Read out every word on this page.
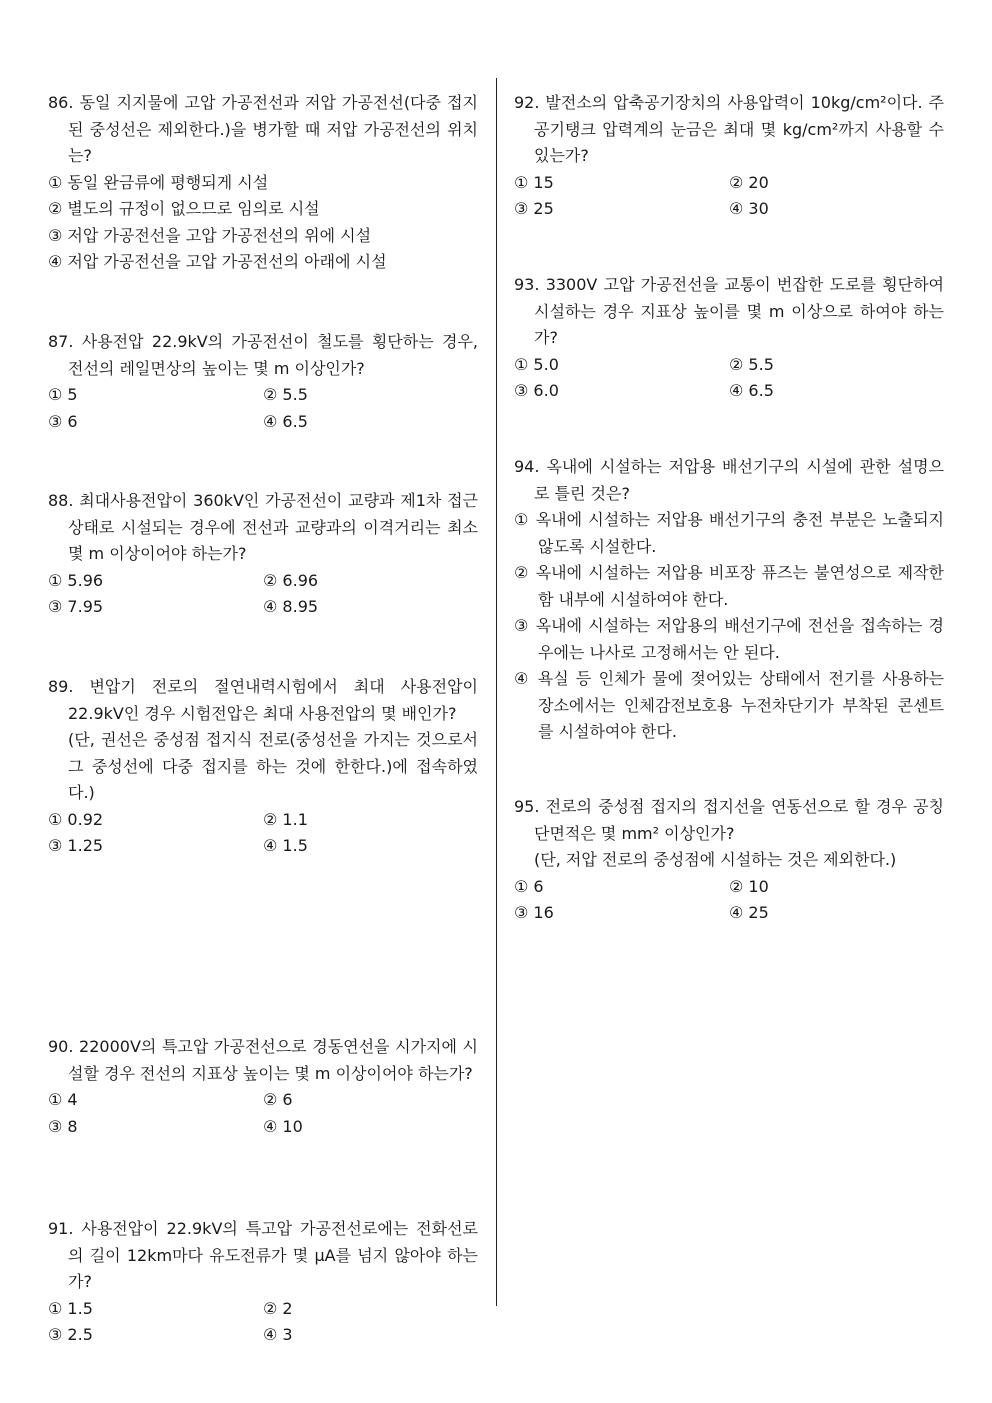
86. 동일 지지물에 고압 가공전선과 저압 가공전선(다중 접지된 중성선은 제외한다.)을 병가할 때 저압 가공전선의 위치는?
① 동일 완금류에 평행되게 시설
② 별도의 규정이 없으므로 임의로 시설
③ 저압 가공전선을 고압 가공전선의 위에 시설
④ 저압 가공전선을 고압 가공전선의 아래에 시설
87. 사용전압 22.9kV의 가공전선이 철도를 횡단하는 경우, 전선의 레일면상의 높이는 몇 m 이상인가?
① 5	② 5.5
③ 6	④ 6.5
88. 최대사용전압이 360kV인 가공전선이 교량과 제1차 접근상태로 시설되는 경우에 전선과 교량과의 이격거리는 최소 몇 m 이상이어야 하는가?
① 5.96	② 6.96
③ 7.95	④ 8.95
89. 변압기 전로의 절연내력시험에서 최대 사용전압이 22.9kV인 경우 시험전압은 최대 사용전압의 몇 배인가?
(단, 권선은 중성점 접지식 전로(중성선을 가지는 것으로서 그 중성선에 다중 접지를 하는 것에 한한다.)에 접속하였다.)
① 0.92	② 1.1
③ 1.25	④ 1.5
90. 22000V의 특고압 가공전선으로 경동연선을 시가지에 시설할 경우 전선의 지표상 높이는 몇 m 이상이어야 하는가?
① 4	② 6
③ 8	④ 10
91. 사용전압이 22.9kV의 특고압 가공전선로에는 전화선로의 길이 12km마다 유도전류가 몇 μA를 넘지 않아야 하는가?
① 1.5	② 2
③ 2.5	④ 3
92. 발전소의 압축공기장치의 사용압력이 10kg/cm²이다. 주 공기탱크 압력계의 눈금은 최대 몇 kg/cm²까지 사용할 수 있는가?
① 15	② 20
③ 25	④ 30
93. 3300V 고압 가공전선을 교통이 번잡한 도로를 횡단하여 시설하는 경우 지표상 높이를 몇 m 이상으로 하여야 하는가?
① 5.0	② 5.5
③ 6.0	④ 6.5
94. 옥내에 시설하는 저압용 배선기구의 시설에 관한 설명으로 틀린 것은?
① 옥내에 시설하는 저압용 배선기구의 충전 부분은 노출되지 않도록 시설한다.
② 옥내에 시설하는 저압용 비포장 퓨즈는 불연성으로 제작한 함 내부에 시설하여야 한다.
③ 옥내에 시설하는 저압용의 배선기구에 전선을 접속하는 경우에는 나사로 고정해서는 안 된다.
④ 욕실 등 인체가 물에 젖어있는 상태에서 전기를 사용하는 장소에서는 인체감전보호용 누전차단기가 부착된 콘센트를 시설하여야 한다.
95. 전로의 중성점 접지의 접지선을 연동선으로 할 경우 공칭단면적은 몇 mm² 이상인가?
(단, 저압 전로의 중성점에 시설하는 것은 제외한다.)
① 6	② 10
③ 16	④ 25
